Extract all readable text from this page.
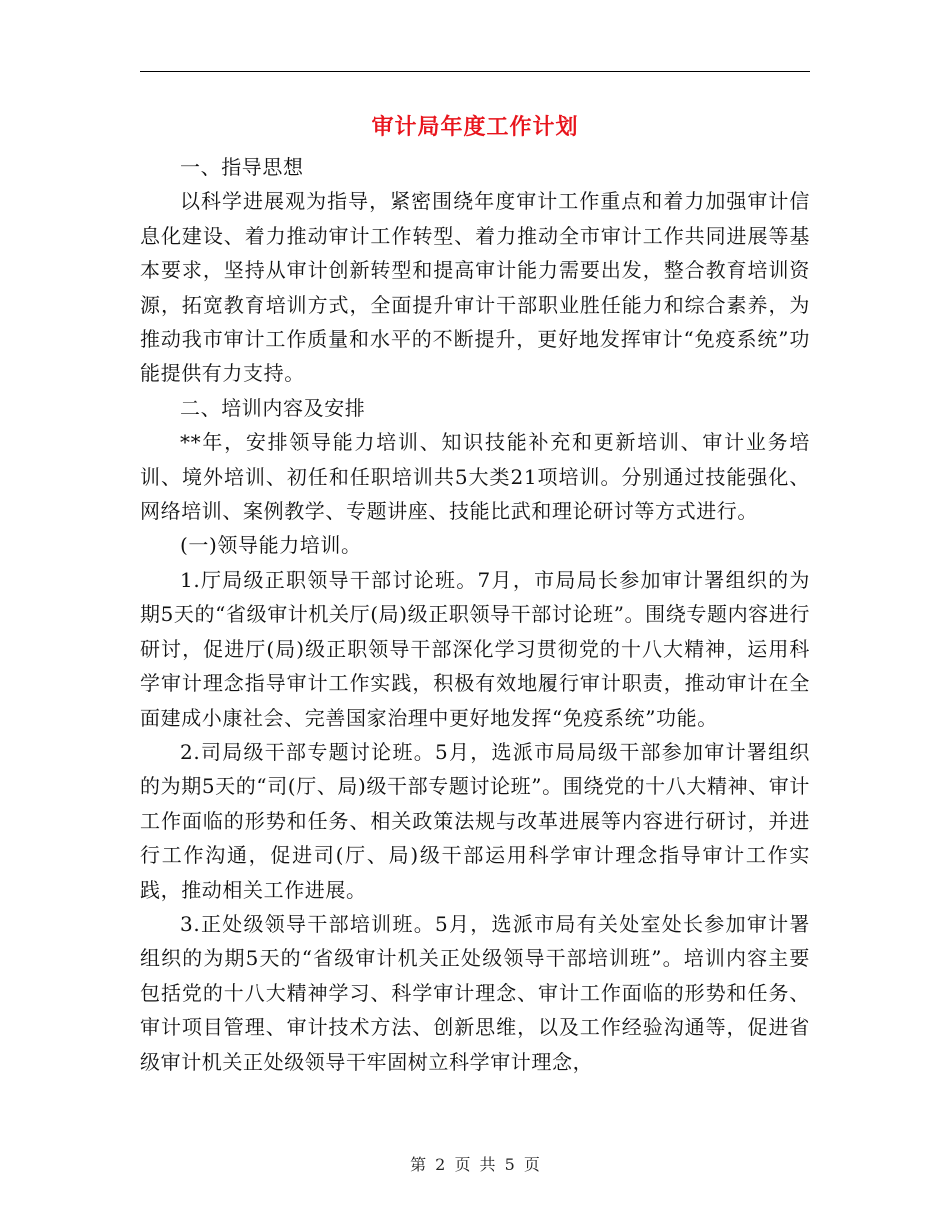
审计局年度工作计划

一、指导思想

以科学进展观为指导，紧密围绕年度审计工作重点和着力加强审计信息化建设、着力推动审计工作转型、着力推动全市审计工作共同进展等基本要求，坚持从审计创新转型和提高审计能力需要出发，整合教育培训资源，拓宽教育培训方式，全面提升审计干部职业胜任能力和综合素养，为推动我市审计工作质量和水平的不断提升，更好地发挥审计“免疫系统”功能提供有力支持。

二、培训内容及安排

**年，安排领导能力培训、知识技能补充和更新培训、审计业务培训、境外培训、初任和任职培训共5大类21项培训。分别通过技能强化、网络培训、案例教学、专题讲座、技能比武和理论研讨等方式进行。

(一)领导能力培训。

1.厅局级正职领导干部讨论班。7月，市局局长参加审计署组织的为期5天的“省级审计机关厅(局)级正职领导干部讨论班”。围绕专题内容进行研讨，促进厅(局)级正职领导干部深化学习贯彻党的十八大精神，运用科学审计理念指导审计工作实践，积极有效地履行审计职责，推动审计在全面建成小康社会、完善国家治理中更好地发挥“免疫系统”功能。

2.司局级干部专题讨论班。5月，选派市局局级干部参加审计署组织的为期5天的“司(厅、局)级干部专题讨论班”。围绕党的十八大精神、审计工作面临的形势和任务、相关政策法规与改革进展等内容进行研讨，并进行工作沟通，促进司(厅、局)级干部运用科学审计理念指导审计工作实践，推动相关工作进展。

3.正处级领导干部培训班。5月，选派市局有关处室处长参加审计署组织的为期5天的“省级审计机关正处级领导干部培训班”。培训内容主要包括党的十八大精神学习、科学审计理念、审计工作面临的形势和任务、审计项目管理、审计技术方法、创新思维，以及工作经验沟通等，促进省级审计机关正处级领导干牢固树立科学审计理念，

第 2 页 共 5 页
